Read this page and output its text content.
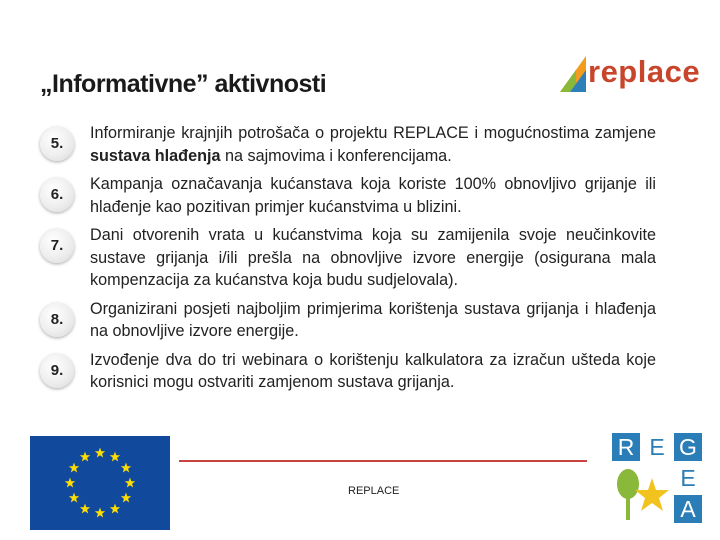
„Informativne” aktivnosti	replace
5.
Informiranje krajnjih potrošača o projektu REPLACE i mogućnostima zamjene sustava hlađenja na sajmovima i konferencijama.
6.
Kampanja označavanja kućanstava koja koriste 100% obnovljivo grijanje ili hlađenje kao pozitivan primjer kućanstvima u blizini.
7.
Dani otvorenih vrata u kućanstvima koja su zamijenila svoje neučinkovite sustave grijanja i/ili prešla na obnovljive izvore energije (osigurana mala kompenzacija za kućanstva koja budu sudjelovala).
8.
Organizirani posjeti najboljim primjerima korištenja sustava grijanja i hlađenja na obnovljive izvore energije.
9.
Izvođenje dva do tri webinara o korištenju kalkulatora za izračun ušteda koje korisnici mogu ostvariti zamjenom sustava grijanja.
REPLACE
R E G
E
A
